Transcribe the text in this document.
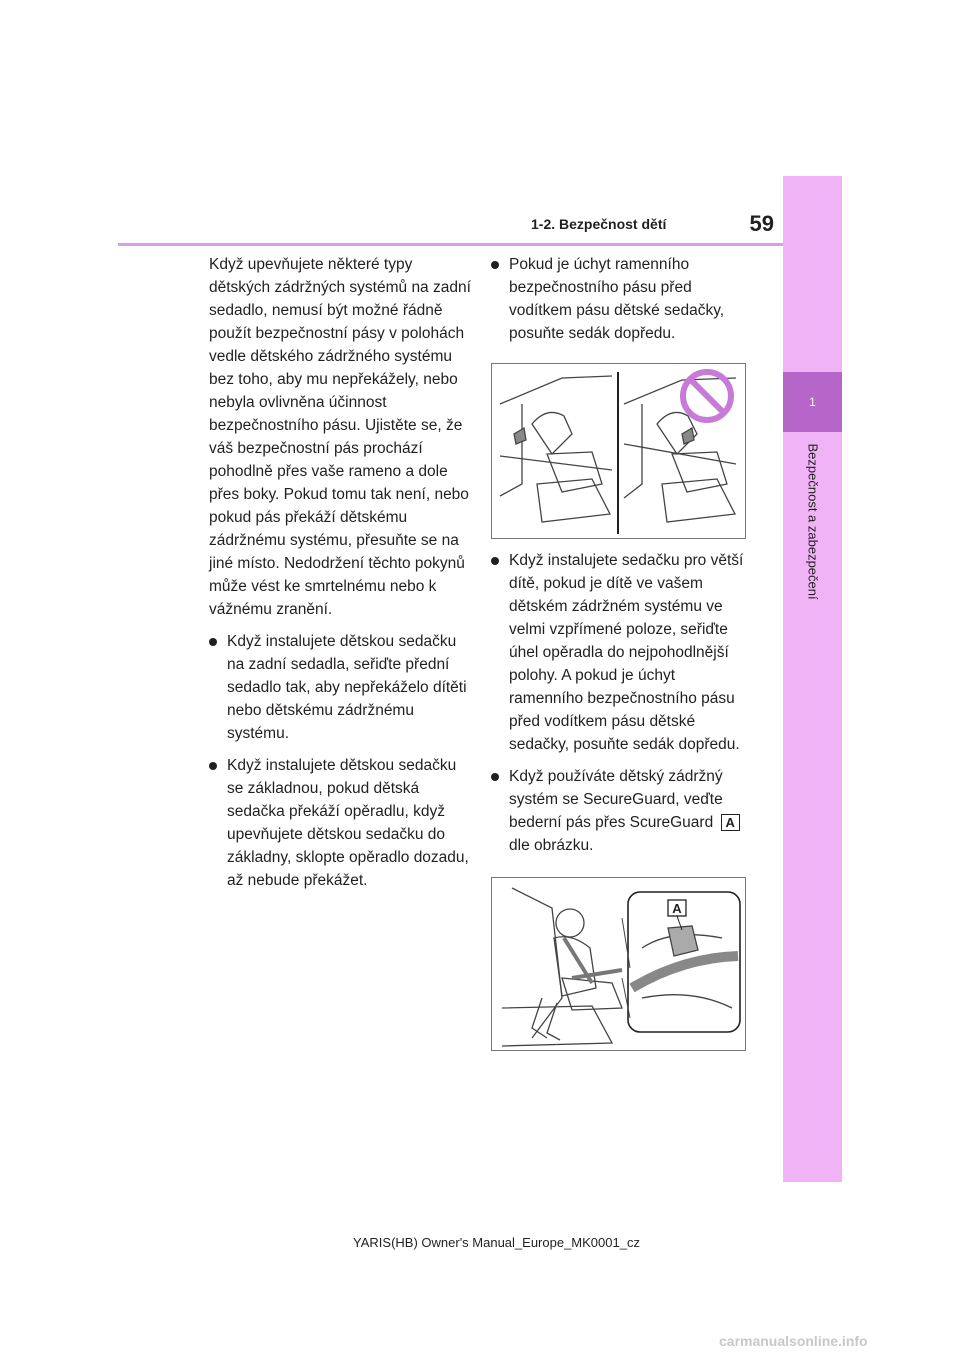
1
Bezpečnost a zabezpečení
1-2. Bezpečnost dětí	59

Když upevňujete některé typy dětských zádržných systémů na zadní sedadlo, nemusí být možné řádně použít bezpečnostní pásy v polohách vedle dětského zádržného systému bez toho, aby mu nepřekážely, nebo nebyla ovlivněna účinnost bezpečnostního pásu. Ujistěte se, že váš bezpečnostní pás prochází pohodlně přes vaše rameno a dole přes boky. Pokud tomu tak není, nebo pokud pás překáží dětskému zádržnému systému, přesuňte se na jiné místo. Nedodržení těchto pokynů může vést ke smrtelnému nebo k vážnému zranění.

Když instalujete dětskou sedačku na zadní sedadla, seřiďte přední sedadlo tak, aby nepřekáželo dítěti nebo dětskému zádržnému systému.
Když instalujete dětskou sedačku se základnou, pokud dětská sedačka překáží opěradlu, když upevňujete dětskou sedačku do základny, sklopte opěradlo dozadu, až nebude překážet.
Pokud je úchyt ramenního bezpečnostního pásu před vodítkem pásu dětské sedačky, posuňte sedák dopředu.
Když instalujete sedačku pro větší dítě, pokud je dítě ve vašem dětském zádržném systému ve velmi vzpřímené poloze, seřiďte úhel opěradla do nejpohodlnější polohy. A pokud je úchyt ramenního bezpečnostního pásu před vodítkem pásu dětské sedačky, posuňte sedák dopředu.
Když používáte dětský zádržný systém se SecureGuard, veďte bederní pás přes ScureGuard A dle obrázku.
A
YARIS(HB) Owner's Manual_Europe_MK0001_cz
carmanualsonline.info
